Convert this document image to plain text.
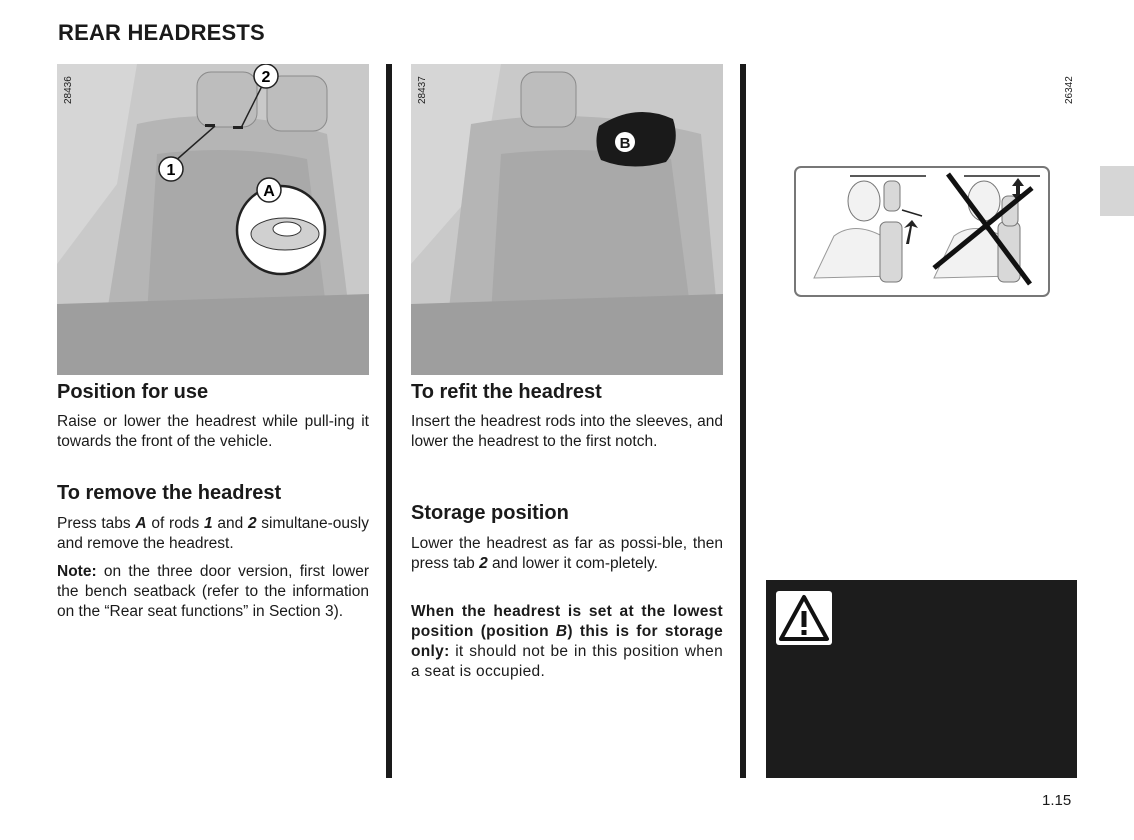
REAR HEADRESTS
1
2
A
28436
B
28437
Position for use

Raise or lower the headrest while pull-ing it towards the front of the vehicle.

To remove the headrest

Press tabs A of rods 1 and 2 simultane-ously and remove the headrest.

Note: on the three door version, first lower the bench seatback (refer to the information on the “Rear seat functions” in Section 3).

To refit the headrest

Insert the headrest rods into the sleeves, and lower the headrest to the first notch.

Storage position

Lower the headrest as far as possi-ble, then press tab 2 and lower it com-pletely.

When the headrest is set at the lowest position (position B) this is for storage only: it should not be in this position when a seat is occupied.

26342
1.15
